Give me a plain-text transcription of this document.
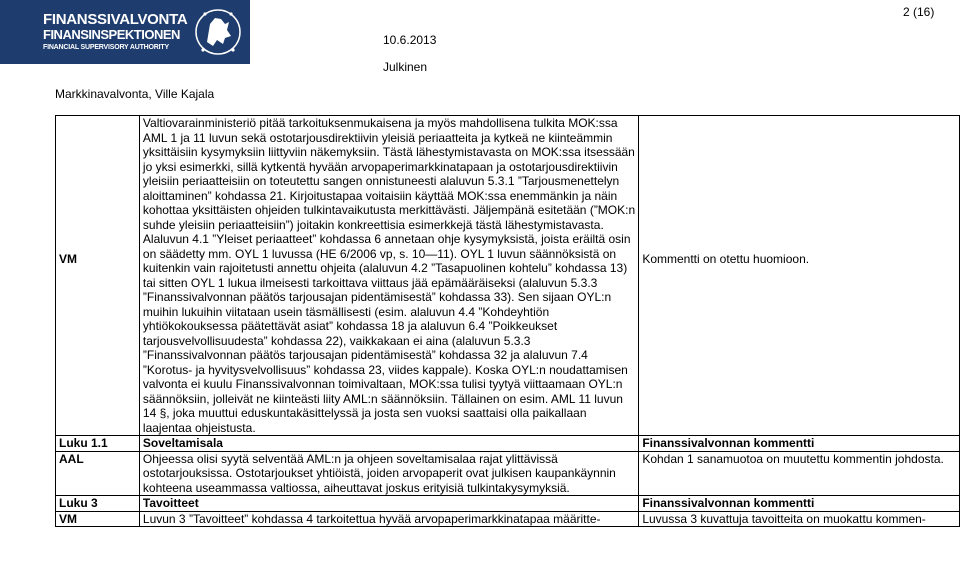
FINANSSIVALVONTA
FINANSINSPEKTIONEN
FINANCIAL SUPERVISORY AUTHORITY
10.6.2013
2 (16)
Julkinen
Markkinavalvonta, Ville Kajala
VM	Valtiovarainministeriö pitää tarkoituksenmukaisena ja myös mahdollisena tulkita MOK:ssa AML 1 ja 11 luvun sekä ostotarjousdirektiivin yleisiä periaatteita ja kytkeä ne kiinteämmin yksittäisiin kysymyksiin liittyviin näkemyksiin. Tästä lähestymistavasta on MOK:ssa itsessään jo yksi esimerkki, sillä kytkentä hyvään arvopaperimarkkinatapaan ja ostotarjousdirektiivin yleisiin periaatteisiin on toteutettu sangen onnistuneesti alaluvun 5.3.1 ”Tarjousmenettelyn aloittaminen” kohdassa 21. Kirjoitustapaa voitaisiin käyttää MOK:ssa enemmänkin ja näin kohottaa yksittäisten ohjeiden tulkintavaikutusta merkittävästi. Jäljempänä esitetään (”MOK:n suhde yleisiin periaatteisiin”) joitakin konkreettisia esimerkkejä tästä lähestymistavasta.
Alaluvun 4.1 ”Yleiset periaatteet” kohdassa 6 annetaan ohje kysymyksistä, joista eräiltä osin on säädetty mm. OYL 1 luvussa (HE 6/2006 vp, s. 10—11). OYL 1 luvun säännöksistä on kuitenkin vain rajoitetusti annettu ohjeita (alaluvun 4.2 ”Tasapuolinen kohtelu” kohdassa 13) tai sitten OYL 1 lukua ilmeisesti tarkoittava viittaus jää epämääräiseksi (alaluvun 5.3.3 ”Finanssivalvonnan päätös tarjousajan pidentämisestä” kohdassa 33). Sen sijaan OYL:n muihin lukuihin viitataan usein täsmällisesti (esim. alaluvun 4.4 ”Kohdeyhtiön yhtiökokouksessa päätettävät asiat” kohdassa 18 ja alaluvun 6.4 ”Poikkeukset tarjousvelvollisuudesta” kohdassa 22), vaikkakaan ei aina (alaluvun 5.3.3 ”Finanssivalvonnan päätös tarjousajan pidentämisestä” kohdassa 32 ja alaluvun 7.4 ”Korotus- ja hyvitysvelvollisuus” kohdassa 23, viides kappale). Koska OYL:n noudattamisen valvonta ei kuulu Finanssivalvonnan toimivaltaan, MOK:ssa tulisi tyytyä viittaamaan OYL:n säännöksiin, jolleivät ne kiinteästi liity AML:n säännöksiin. Tällainen on esim. AML 11 luvun 14 §, joka muuttui eduskuntakäsittelyssä ja josta sen vuoksi saattaisi olla paikallaan laajentaa ohjeistusta.	Kommentti on otettu huomioon.

Luku 1.1	Soveltamisala	Finanssivalvonnan kommentti
AAL	Ohjeessa olisi syytä selventää AML:n ja ohjeen soveltamisalaa rajat ylittävissä ostotarjouksissa. Ostotarjoukset yhtiöistä, joiden arvopaperit ovat julkisen kaupankäynnin kohteena useammassa valtiossa, aiheuttavat joskus erityisiä tulkintakysymyksiä.	Kohdan 1 sanamuotoa on muutettu kommentin johdosta.
Luku 3	Tavoitteet	Finanssivalvonnan kommentti
VM	Luvun 3 ”Tavoitteet” kohdassa 4 tarkoitettua hyvää arvopaperimarkkinatapaa määritte-	Luvussa 3 kuvattuja tavoitteita on muokattu kommen-
